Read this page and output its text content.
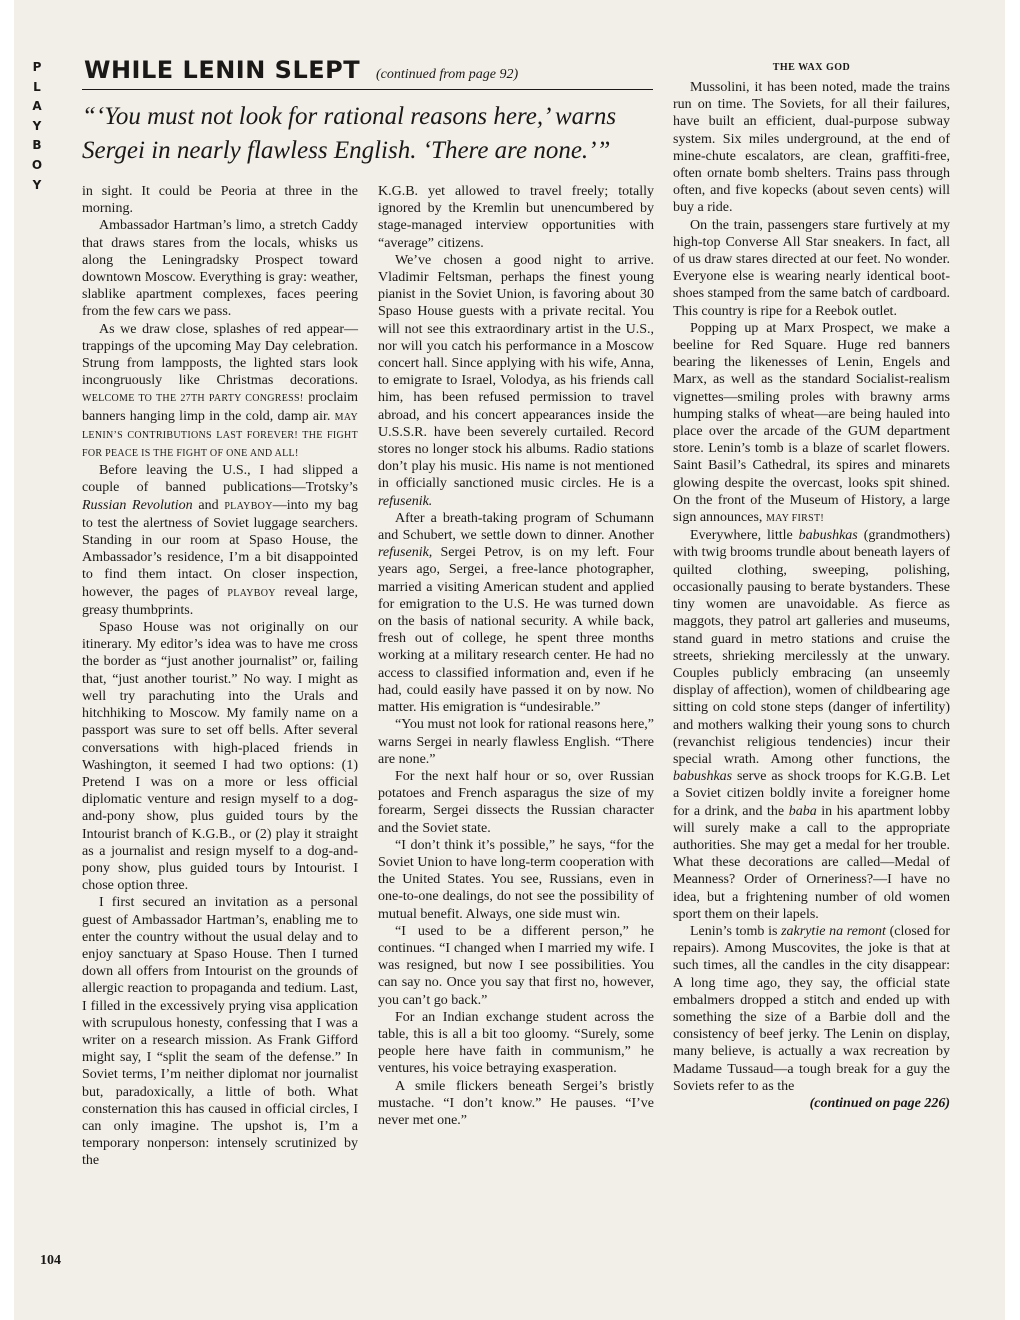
P
L
A
Y
B
O
Y
WHILE LENIN SLEPT (continued from page 92)	THE WAX GOD
“‘You must not look for rational reasons here,’ warns Sergei in nearly flawless English. ‘There are none.’”

in sight. It could be Peoria at three in the morning.

Ambassador Hartman’s limo, a stretch Caddy that draws stares from the locals, whisks us along the Leningradsky Prospect toward downtown Moscow. Everything is gray: weather, slablike apartment complexes, faces peering from the few cars we pass.

As we draw close, splashes of red appear—trappings of the upcoming May Day celebration. Strung from lampposts, the lighted stars look incongruously like Christmas decorations. WELCOME TO THE 27TH PARTY CONGRESS! proclaim banners hanging limp in the cold, damp air. MAY LENIN’S CONTRIBUTIONS LAST FOREVER! THE FIGHT FOR PEACE IS THE FIGHT OF ONE AND ALL!

Before leaving the U.S., I had slipped a couple of banned publications—Trotsky’s Russian Revolution and PLAYBOY—into my bag to test the alertness of Soviet luggage searchers. Standing in our room at Spaso House, the Ambassador’s residence, I’m a bit disappointed to find them intact. On closer inspection, however, the pages of PLAYBOY reveal large, greasy thumbprints.

Spaso House was not originally on our itinerary. My editor’s idea was to have me cross the border as “just another journalist” or, failing that, “just another tourist.” No way. I might as well try parachuting into the Urals and hitchhiking to Moscow. My family name on a passport was sure to set off bells. After several conversations with high-placed friends in Washington, it seemed I had two options: (1) Pretend I was on a more or less official diplomatic venture and resign myself to a dog-and-pony show, plus guided tours by the Intourist branch of K.G.B., or (2) play it straight as a journalist and resign myself to a dog-and-pony show, plus guided tours by Intourist. I chose option three.

I first secured an invitation as a personal guest of Ambassador Hartman’s, enabling me to enter the country without the usual delay and to enjoy sanctuary at Spaso House. Then I turned down all offers from Intourist on the grounds of allergic reaction to propaganda and tedium. Last, I filled in the excessively prying visa application with scrupulous honesty, confessing that I was a writer on a research mission. As Frank Gifford might say, I “split the seam of the defense.” In Soviet terms, I’m neither diplomat nor journalist but, paradoxically, a little of both. What consternation this has caused in official circles, I can only imagine. The upshot is, I’m a temporary nonperson: intensely scrutinized by the

K.G.B. yet allowed to travel freely; totally ignored by the Kremlin but unencumbered by stage-managed interview opportunities with “average” citizens.

We’ve chosen a good night to arrive. Vladimir Feltsman, perhaps the finest young pianist in the Soviet Union, is favoring about 30 Spaso House guests with a private recital. You will not see this extraordinary artist in the U.S., nor will you catch his performance in a Moscow concert hall. Since applying with his wife, Anna, to emigrate to Israel, Volodya, as his friends call him, has been refused permission to travel abroad, and his concert appearances inside the U.S.S.R. have been severely curtailed. Record stores no longer stock his albums. Radio stations don’t play his music. His name is not mentioned in officially sanctioned music circles. He is a refusenik.

After a breath-taking program of Schumann and Schubert, we settle down to dinner. Another refusenik, Sergei Petrov, is on my left. Four years ago, Sergei, a free-lance photographer, married a visiting American student and applied for emigration to the U.S. He was turned down on the basis of national security. A while back, fresh out of college, he spent three months working at a military research center. He had no access to classified information and, even if he had, could easily have passed it on by now. No matter. His emigration is “undesirable.”

“You must not look for rational reasons here,” warns Sergei in nearly flawless English. “There are none.”

For the next half hour or so, over Russian potatoes and French asparagus the size of my forearm, Sergei dissects the Russian character and the Soviet state.

“I don’t think it’s possible,” he says, “for the Soviet Union to have long-term cooperation with the United States. You see, Russians, even in one-to-one dealings, do not see the possibility of mutual benefit. Always, one side must win.

“I used to be a different person,” he continues. “I changed when I married my wife. I was resigned, but now I see possibilities. You can say no. Once you say that first no, however, you can’t go back.”

For an Indian exchange student across the table, this is all a bit too gloomy. “Surely, some people here have faith in communism,” he ventures, his voice betraying exasperation.

A smile flickers beneath Sergei’s bristly mustache. “I don’t know.” He pauses. “I’ve never met one.”

Mussolini, it has been noted, made the trains run on time. The Soviets, for all their failures, have built an efficient, dual-purpose subway system. Six miles underground, at the end of mine-chute escalators, are clean, graffiti-free, often ornate bomb shelters. Trains pass through often, and five kopecks (about seven cents) will buy a ride.

On the train, passengers stare furtively at my high-top Converse All Star sneakers. In fact, all of us draw stares directed at our feet. No wonder. Everyone else is wearing nearly identical boot-shoes stamped from the same batch of cardboard. This country is ripe for a Reebok outlet.

Popping up at Marx Prospect, we make a beeline for Red Square. Huge red banners bearing the likenesses of Lenin, Engels and Marx, as well as the standard Socialist-realism vignettes—smiling proles with brawny arms humping stalks of wheat—are being hauled into place over the arcade of the GUM department store. Lenin’s tomb is a blaze of scarlet flowers. Saint Basil’s Cathedral, its spires and minarets glowing despite the overcast, looks spit shined. On the front of the Museum of History, a large sign announces, MAY FIRST!

Everywhere, little babushkas (grandmothers) with twig brooms trundle about beneath layers of quilted clothing, sweeping, polishing, occasionally pausing to berate bystanders. These tiny women are unavoidable. As fierce as maggots, they patrol art galleries and museums, stand guard in metro stations and cruise the streets, shrieking mercilessly at the unwary. Couples publicly embracing (an unseemly display of affection), women of childbearing age sitting on cold stone steps (danger of infertility) and mothers walking their young sons to church (revanchist religious tendencies) incur their special wrath. Among other functions, the babushkas serve as shock troops for K.G.B. Let a Soviet citizen boldly invite a foreigner home for a drink, and the baba in his apartment lobby will surely make a call to the appropriate authorities. She may get a medal for her trouble. What these decorations are called—Medal of Meanness? Order of Orneriness?—I have no idea, but a frightening number of old women sport them on their lapels.

Lenin’s tomb is zakrytie na remont (closed for repairs). Among Muscovites, the joke is that at such times, all the candles in the city disappear: A long time ago, they say, the official state embalmers dropped a stitch and ended up with something the size of a Barbie doll and the consistency of beef jerky. The Lenin on display, many believe, is actually a wax recreation by Madame Tussaud—a tough break for a guy the Soviets refer to as the

(continued on page 226)
104
